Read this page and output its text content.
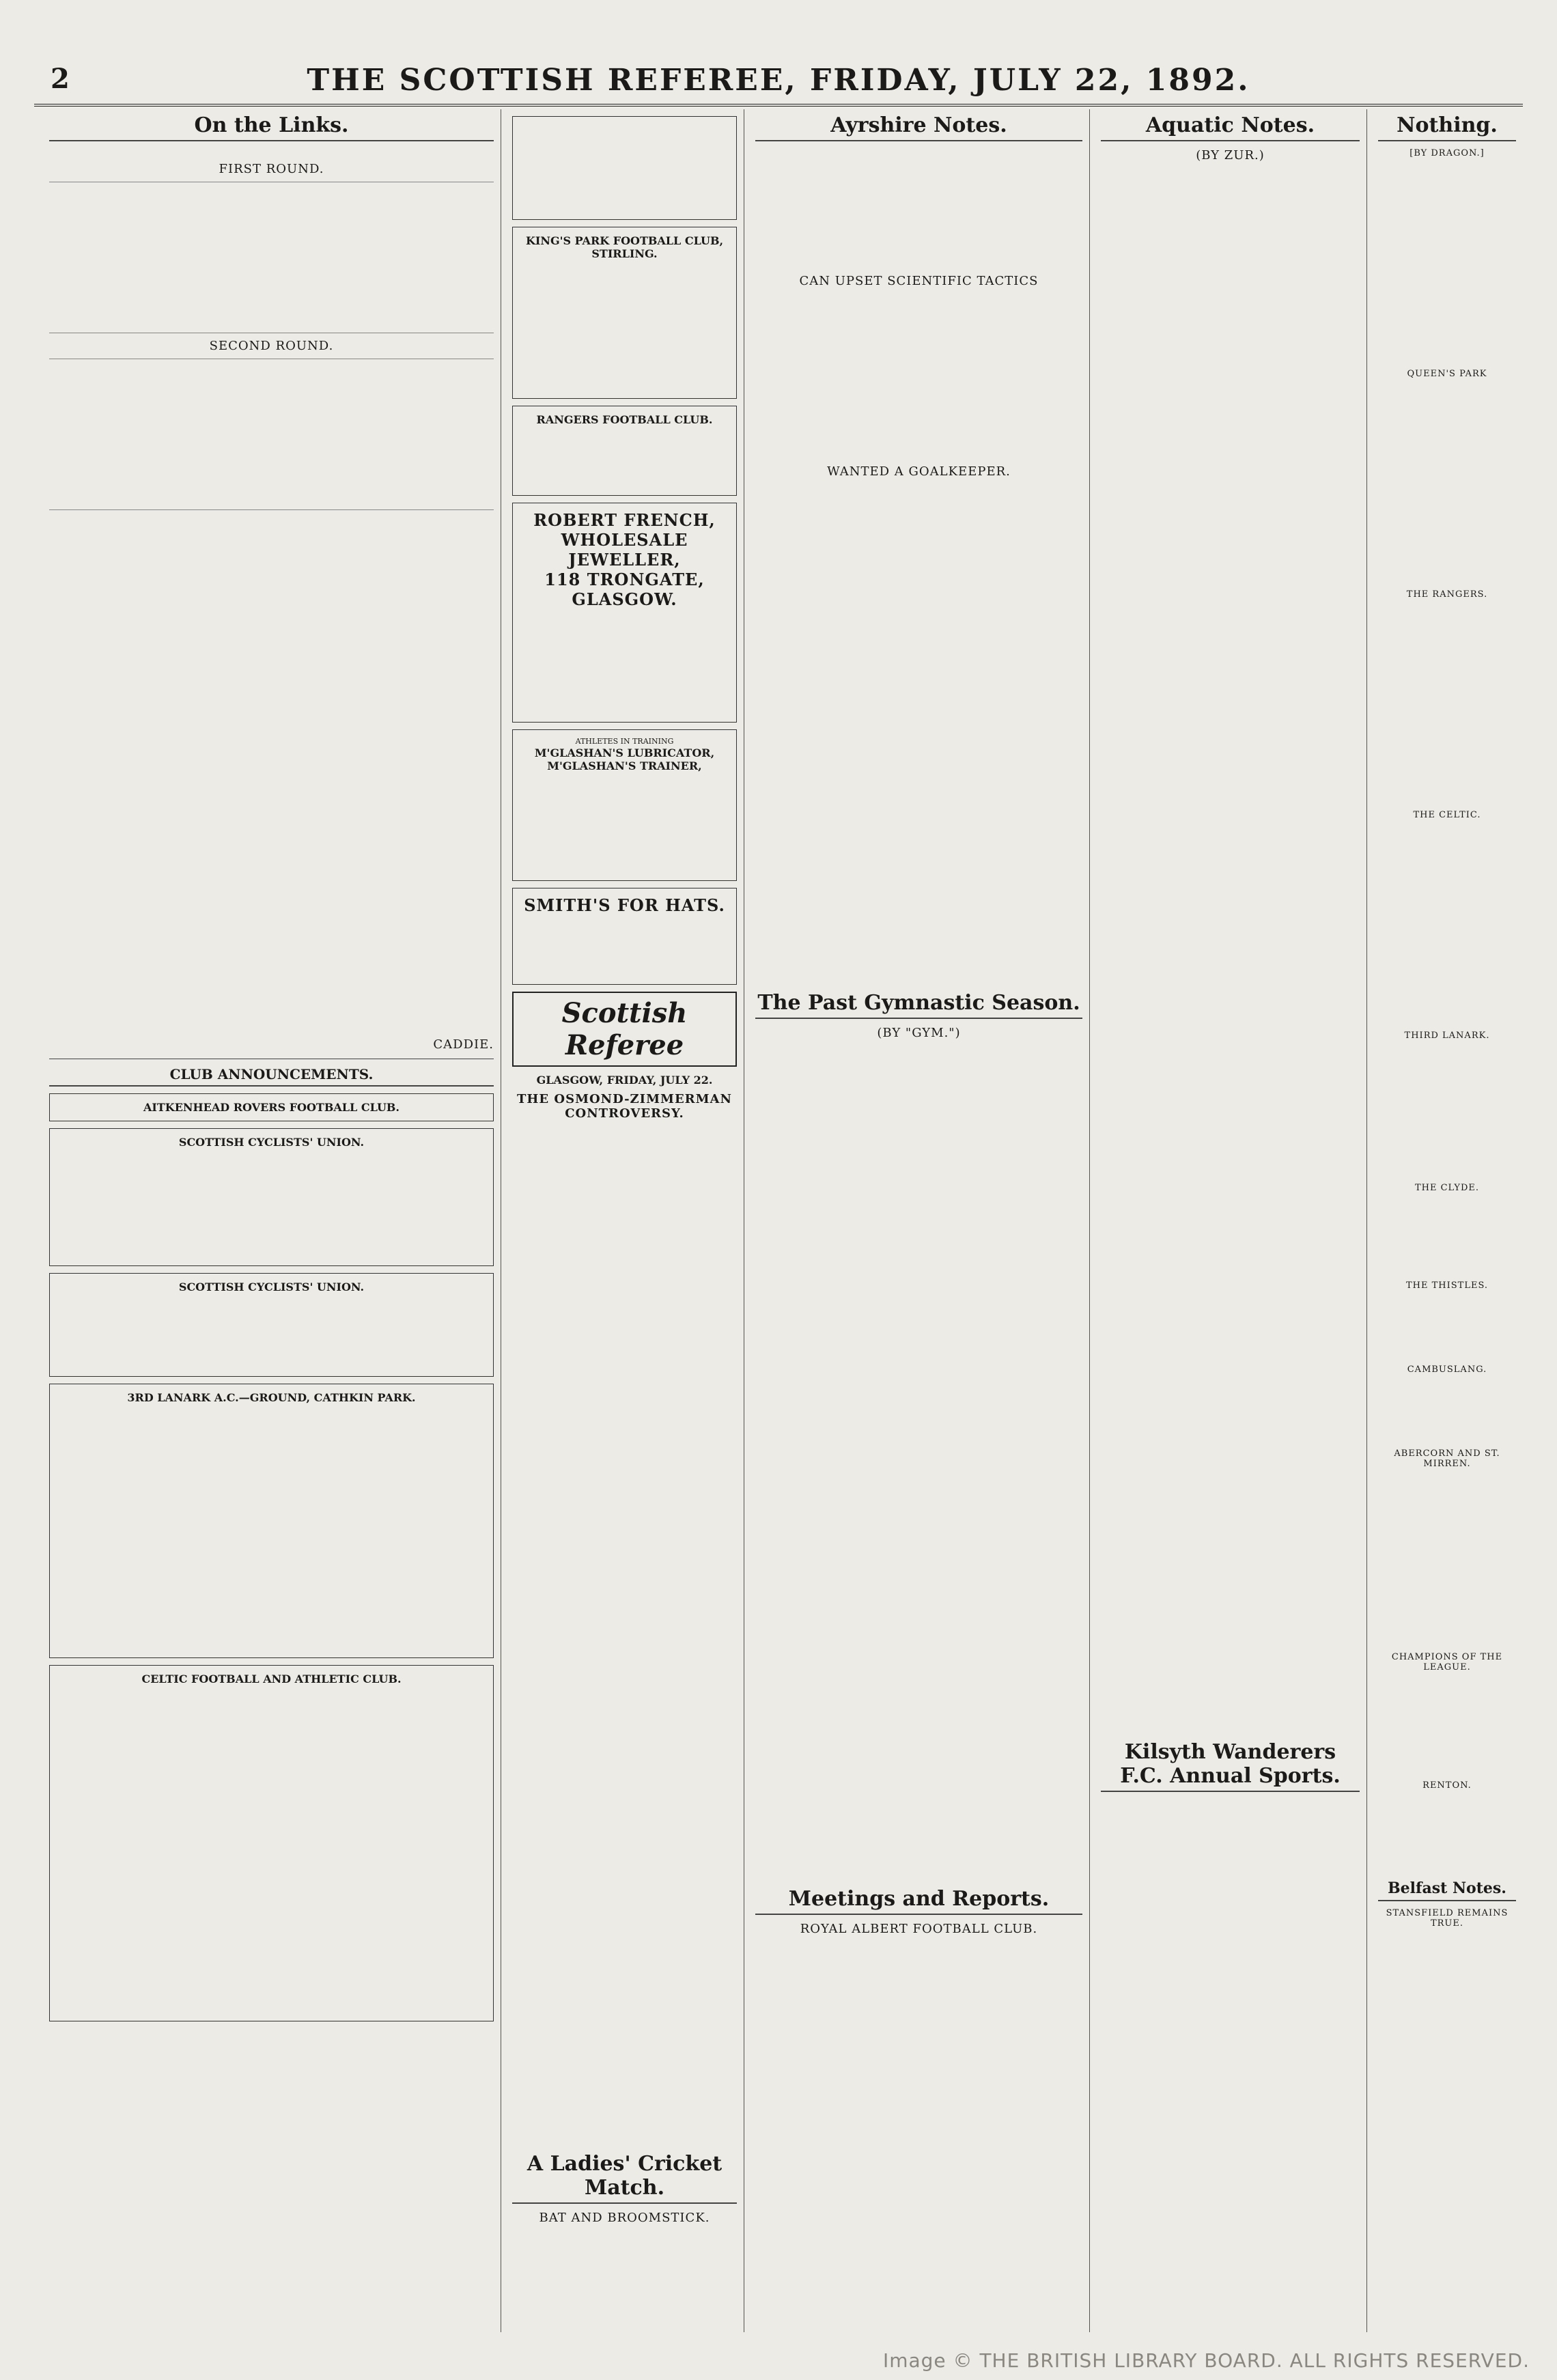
2	THE SCOTTISH REFEREE, FRIDAY, JULY 22, 1892.
On the Links.

FIRST ROUND.
SECOND ROUND.
CADDIE.
CLUB ANNOUNCEMENTS.
AITKENHEAD ROVERS FOOTBALL CLUB.
SCOTTISH CYCLISTS' UNION.
SCOTTISH CYCLISTS' UNION.
3RD LANARK A.C.—GROUND, CATHKIN PARK.
CELTIC FOOTBALL AND ATHLETIC CLUB.
KING'S PARK FOOTBALL CLUB, STIRLING.
RANGERS FOOTBALL CLUB.
ROBERT FRENCH,
WHOLESALE JEWELLER,
118 TRONGATE,
GLASGOW.
ATHLETES IN TRAINING
M'GLASHAN'S LUBRICATOR,
M'GLASHAN'S TRAINER,
SMITH'S FOR HATS.
Scottish Referee
GLASGOW, FRIDAY, JULY 22.
THE OSMOND-ZIMMERMAN CONTROVERSY.
A Ladies' Cricket Match.
BAT AND BROOMSTICK.
Ayrshire Notes.
CAN UPSET SCIENTIFIC TACTICS
WANTED A GOALKEEPER.
The Past Gymnastic Season.
(BY "GYM.")
Meetings and Reports.
ROYAL ALBERT FOOTBALL CLUB.
Aquatic Notes.
(BY ZUR.)
Kilsyth Wanderers F.C. Annual Sports.
Nothing.
[BY DRAGON.]
QUEEN'S PARK
THE RANGERS.
THE CELTIC.
THIRD LANARK.
THE CLYDE.
THE THISTLES.
CAMBUSLANG.
ABERCORN AND ST. MIRREN.
CHAMPIONS OF THE LEAGUE.
RENTON.
Belfast Notes.
STANSFIELD REMAINS TRUE.
Image © THE BRITISH LIBRARY BOARD. ALL RIGHTS RESERVED.
